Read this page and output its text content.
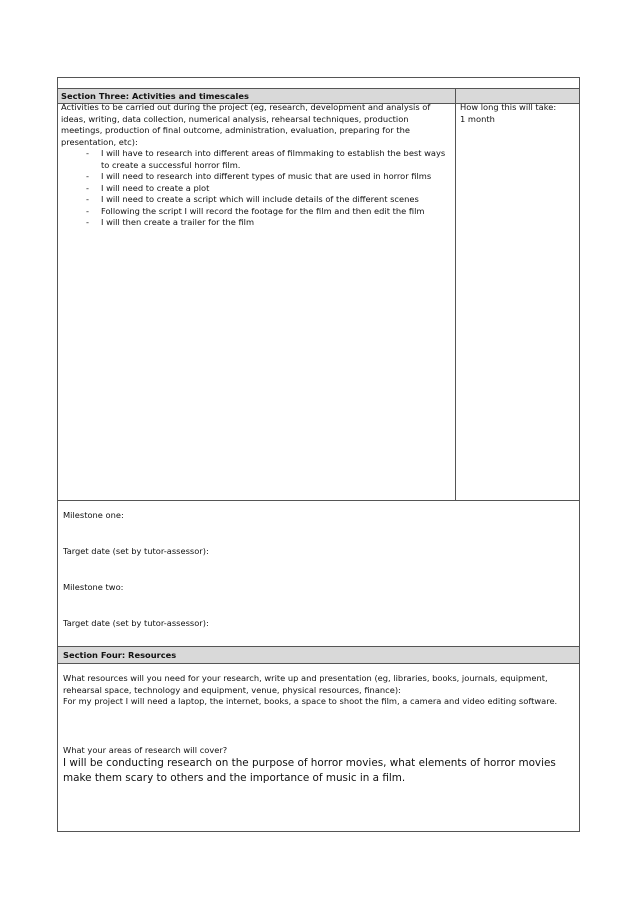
Section Three: Activities and timescales
Activities to be carried out during the project (eg, research, development and analysis of ideas, writing, data collection, numerical analysis, rehearsal techniques, production meetings, production of final outcome, administration, evaluation, preparing for the presentation, etc):
- I will have to research into different areas of filmmaking to establish the best ways to create a successful horror film.
- I will need to research into different types of music that are used in horror films
- I will need to create a plot
- I will need to create a script which will include details of the different scenes
- Following the script I will record the footage for the film and then edit the film
- I will then create a trailer for the film
How long this will take:
1 month
Milestone one:
Target date (set by tutor-assessor):
Milestone two:
Target date (set by tutor-assessor):
Section Four: Resources
What resources will you need for your research, write up and presentation (eg, libraries, books, journals, equipment, rehearsal space, technology and equipment, venue, physical resources, finance):
For my project I will need a laptop, the internet, books, a space to shoot the film, a camera and video editing software.
What your areas of research will cover?
I will be conducting research on the purpose of horror movies, what elements of horror movies make them scary to others and the importance of music in a film.
